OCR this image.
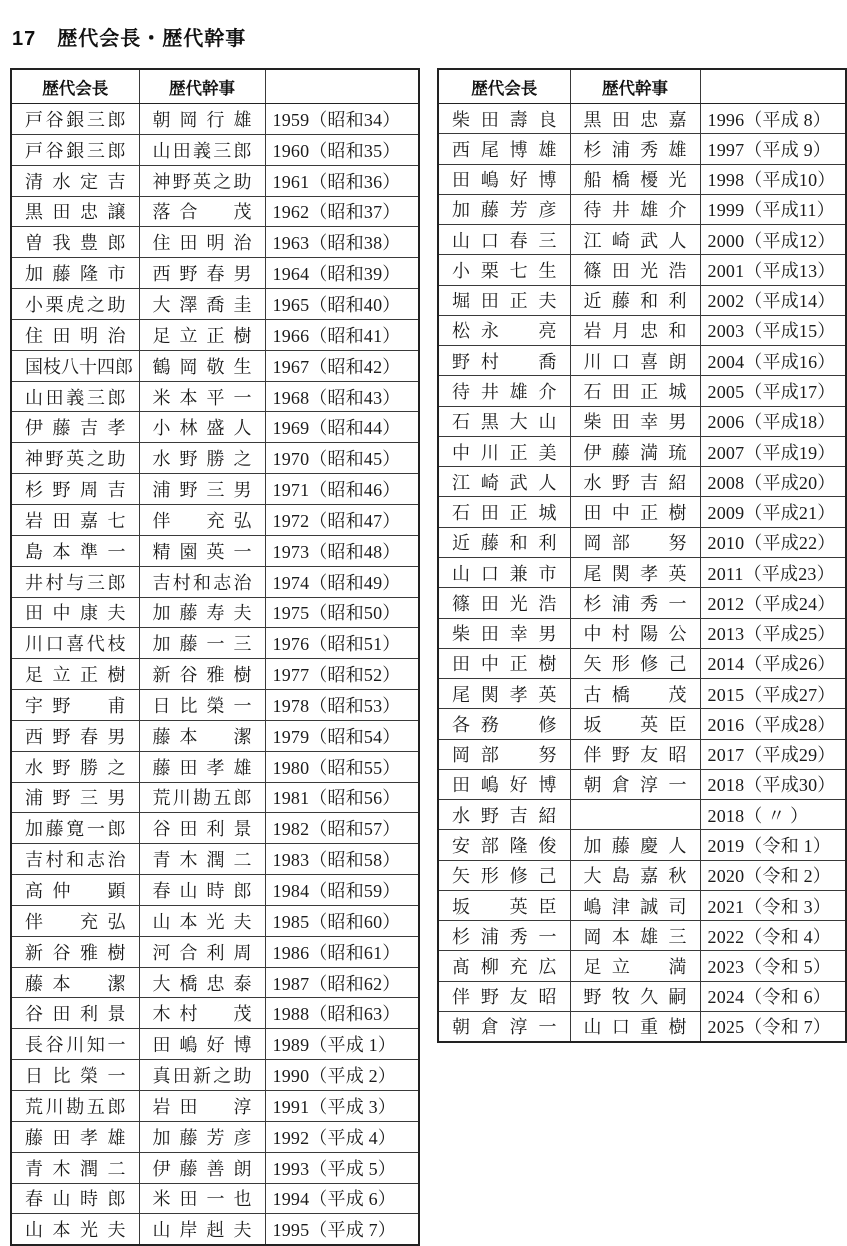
17　歴代会長・歴代幹事
歴代会長	歴代幹事	
戸谷銀三郎	朝岡行雄	1959（昭和34）
戸谷銀三郎	山田義三郎	1960（昭和35）
清水定吉	神野英之助	1961（昭和36）
黒田忠譲	落合　茂	1962（昭和37）
曽我豊郎	住田明治	1963（昭和38）
加藤隆市	西野春男	1964（昭和39）
小栗虎之助	大澤喬圭	1965（昭和40）
住田明治	足立正樹	1966（昭和41）
国枝八十四郎	鶴岡敬生	1967（昭和42）
山田義三郎	米本平一	1968（昭和43）
伊藤吉孝	小林盛人	1969（昭和44）
神野英之助	水野勝之	1970（昭和45）
杉野周吉	浦野三男	1971（昭和46）
岩田嘉七	伴　充弘	1972（昭和47）
島本準一	精園英一	1973（昭和48）
井村与三郎	吉村和志治	1974（昭和49）
田中康夫	加藤寿夫	1975（昭和50）
川口喜代枝	加藤一三	1976（昭和51）
足立正樹	新谷雅樹	1977（昭和52）
宇野　甫	日比榮一	1978（昭和53）
西野春男	藤本　潔	1979（昭和54）
水野勝之	藤田孝雄	1980（昭和55）
浦野三男	荒川勘五郎	1981（昭和56）
加藤寛一郎	谷田利景	1982（昭和57）
吉村和志治	青木潤二	1983（昭和58）
高仲　顕	春山時郎	1984（昭和59）
伴　充弘	山本光夫	1985（昭和60）
新谷雅樹	河合利周	1986（昭和61）
藤本　潔	大橋忠泰	1987（昭和62）
谷田利景	木村　茂	1988（昭和63）
長谷川知一	田嶋好博	1989（平成 1）
日比榮一	真田新之助	1990（平成 2）
荒川勘五郎	岩田　淳	1991（平成 3）
藤田孝雄	加藤芳彦	1992（平成 4）
青木潤二	伊藤善朗	1993（平成 5）
春山時郎	米田一也	1994（平成 6）
山本光夫	山岸赳夫	1995（平成 7）
歴代会長	歴代幹事	
柴田壽良	黒田忠嘉	1996（平成 8）
西尾博雄	杉浦秀雄	1997（平成 9）
田嶋好博	船橋櫌光	1998（平成10）
加藤芳彦	待井雄介	1999（平成11）
山口春三	江崎武人	2000（平成12）
小栗七生	篠田光浩	2001（平成13）
堀田正夫	近藤和利	2002（平成14）
松永　亮	岩月忠和	2003（平成15）
野村　喬	川口喜朗	2004（平成16）
待井雄介	石田正城	2005（平成17）
石黒大山	柴田幸男	2006（平成18）
中川正美	伊藤満琉	2007（平成19）
江崎武人	水野吉紹	2008（平成20）
石田正城	田中正樹	2009（平成21）
近藤和利	岡部　努	2010（平成22）
山口兼市	尾関孝英	2011（平成23）
篠田光浩	杉浦秀一	2012（平成24）
柴田幸男	中村陽公	2013（平成25）
田中正樹	矢形修己	2014（平成26）
尾関孝英	古橋　茂	2015（平成27）
各務　修	坂　英臣	2016（平成28）
岡部　努	伴野友昭	2017（平成29）
田嶋好博	朝倉淳一	2018（平成30）
水野吉紹		2018（ 〃 ）
安部隆俊	加藤慶人	2019（令和 1）
矢形修己	大島嘉秋	2020（令和 2）
坂　英臣	嶋津誠司	2021（令和 3）
杉浦秀一	岡本雄三	2022（令和 4）
髙柳充広	足立　満	2023（令和 5）
伴野友昭	野牧久嗣	2024（令和 6）
朝倉淳一	山口重樹	2025（令和 7）
